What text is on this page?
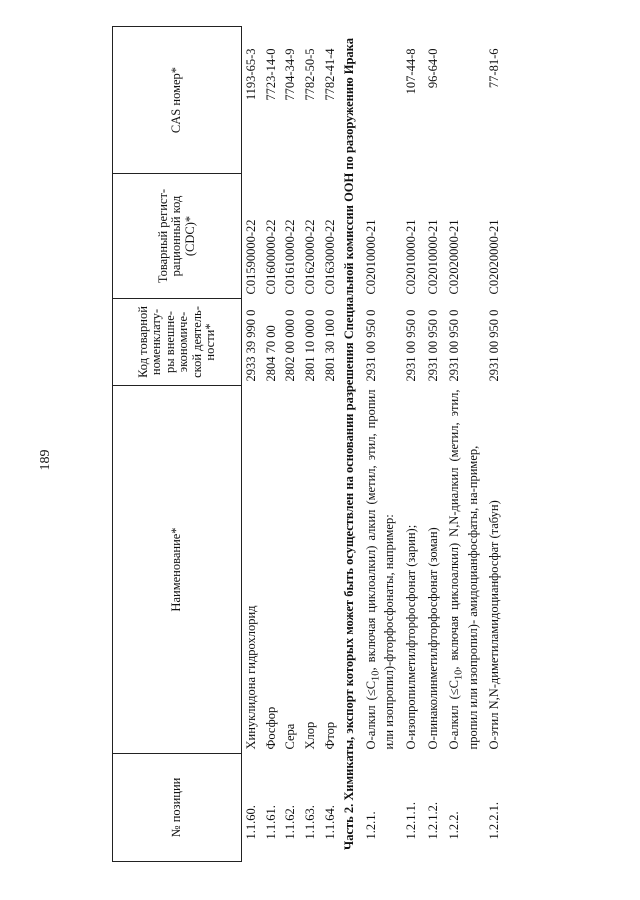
189
№ позиции	Наименование*	Код товарной номенклату-ры внешне-экономиче-ской деятель-ности*	Товарный регист-рационный код (CDC)*	CAS номер*
1.1.60.	Хинуклидона гидрохлорид	2933 39 990 0	C01590000-22	1193-65-3
1.1.61.	Фосфор	2804 70 00	C01600000-22	7723-14-0
1.1.62.	Сера	2802 00 000 0	C01610000-22	7704-34-9
1.1.63.	Хлор	2801 10 000 0	C01620000-22	7782-50-5
1.1.64.	Фтор	2801 30 100 0	C01630000-22	7782-41-4
Часть 2. Химикаты, экспорт которых может быть осуществлен на основании разрешения Специальной комиссии ООН по разоружению Ирака				
1.2.1.	О-алкил ($\le C_{10}$, включая циклоалкил) алкил (метил, этил, пропил или изопропил)-фторфосфонаты, например:	2931 00 950 0	C02010000-21	
1.2.1.1.	О-изопропилметилфторфосфонат (зарин);	2931 00 950 0	C02010000-21	107-44-8
1.2.1.2.	О-пинаколинметилфторфосфонат (зоман)	2931 00 950 0	C02010000-21	96-64-0
1.2.2.	О-алкил ($\le C_{10}$, включая циклоалкил) N,N-диалкил (метил, этил, пропил или изопропил)- амидоцианфосфаты, на-пример,	2931 00 950 0	C02020000-21	
1.2.2.1.	О-этил N,N-диметиламидоцианфосфат (табун)	2931 00 950 0	C02020000-21	77-81-6
